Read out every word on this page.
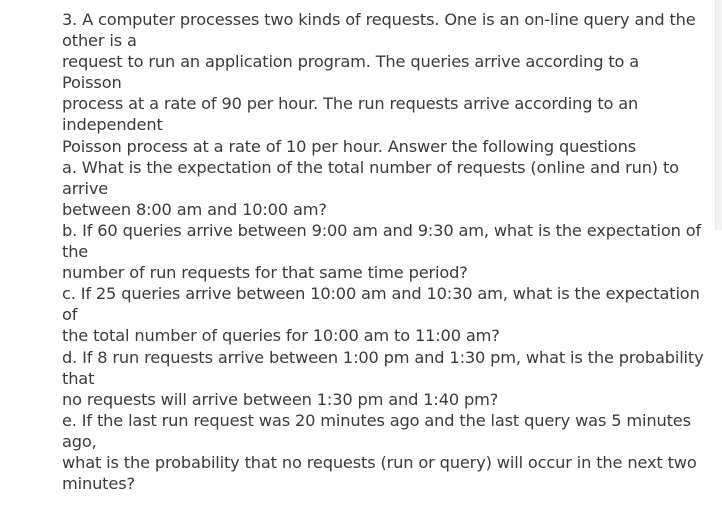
3. A computer processes two kinds of requests. One is an on-line query and the
other is a
request to run an application program. The queries arrive according to a
Poisson
process at a rate of 90 per hour. The run requests arrive according to an
independent
Poisson process at a rate of 10 per hour. Answer the following questions
a. What is the expectation of the total number of requests (online and run) to
arrive
between 8:00 am and 10:00 am?
b. If 60 queries arrive between 9:00 am and 9:30 am, what is the expectation of
the
number of run requests for that same time period?
c. If 25 queries arrive between 10:00 am and 10:30 am, what is the expectation
of
the total number of queries for 10:00 am to 11:00 am?
d. If 8 run requests arrive between 1:00 pm and 1:30 pm, what is the probability
that
no requests will arrive between 1:30 pm and 1:40 pm?
e. If the last run request was 20 minutes ago and the last query was 5 minutes
ago,
what is the probability that no requests (run or query) will occur in the next two
minutes?
